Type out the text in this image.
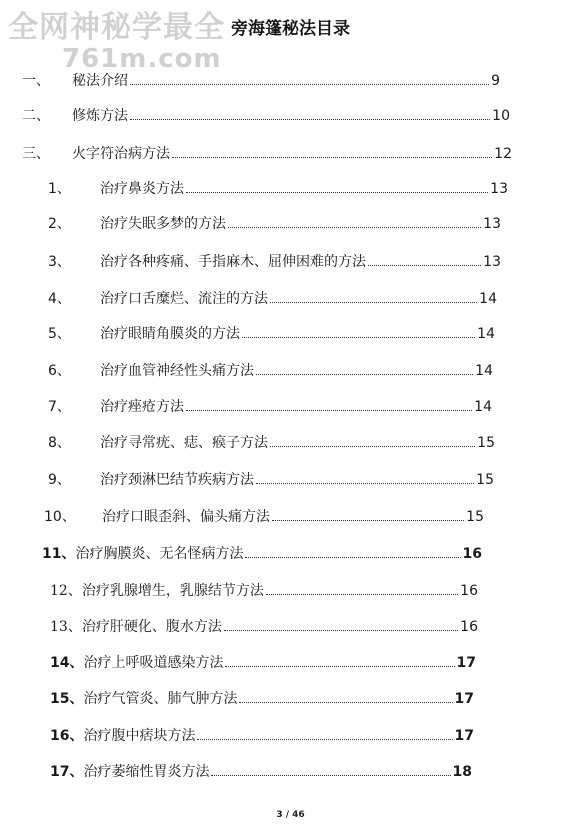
全网神秘学最全
761m.com
旁海篷秘法目录
一、	秘法介绍	9
二、	修炼方法	10
三、	火字符治病方法	12
1、	治疗鼻炎方法	13
2、	治疗失眠多梦的方法	13
3、	治疗各种疼痛、手指麻木、屈伸困难的方法	13
4、	治疗口舌糜烂、流注的方法	14
5、	治疗眼睛角膜炎的方法	14
6、	治疗血管神经性头痛方法	14
7、	治疗痤疮方法	14
8、	治疗寻常疣、痣、瘊子方法	15
9、	治疗颈淋巴结节疾病方法	15
10、	治疗口眼歪斜、偏头痛方法	15
11、 治疗胸膜炎、无名怪病方法	16
12、 治疗乳腺增生，乳腺结节方法	16
13、 治疗肝硬化、腹水方法	16
14、 治疗上呼吸道感染方法	17
15、 治疗气管炎、肺气肿方法	17
16、 治疗腹中痞块方法	17
17、 治疗萎缩性胃炎方法	18
3 / 46
